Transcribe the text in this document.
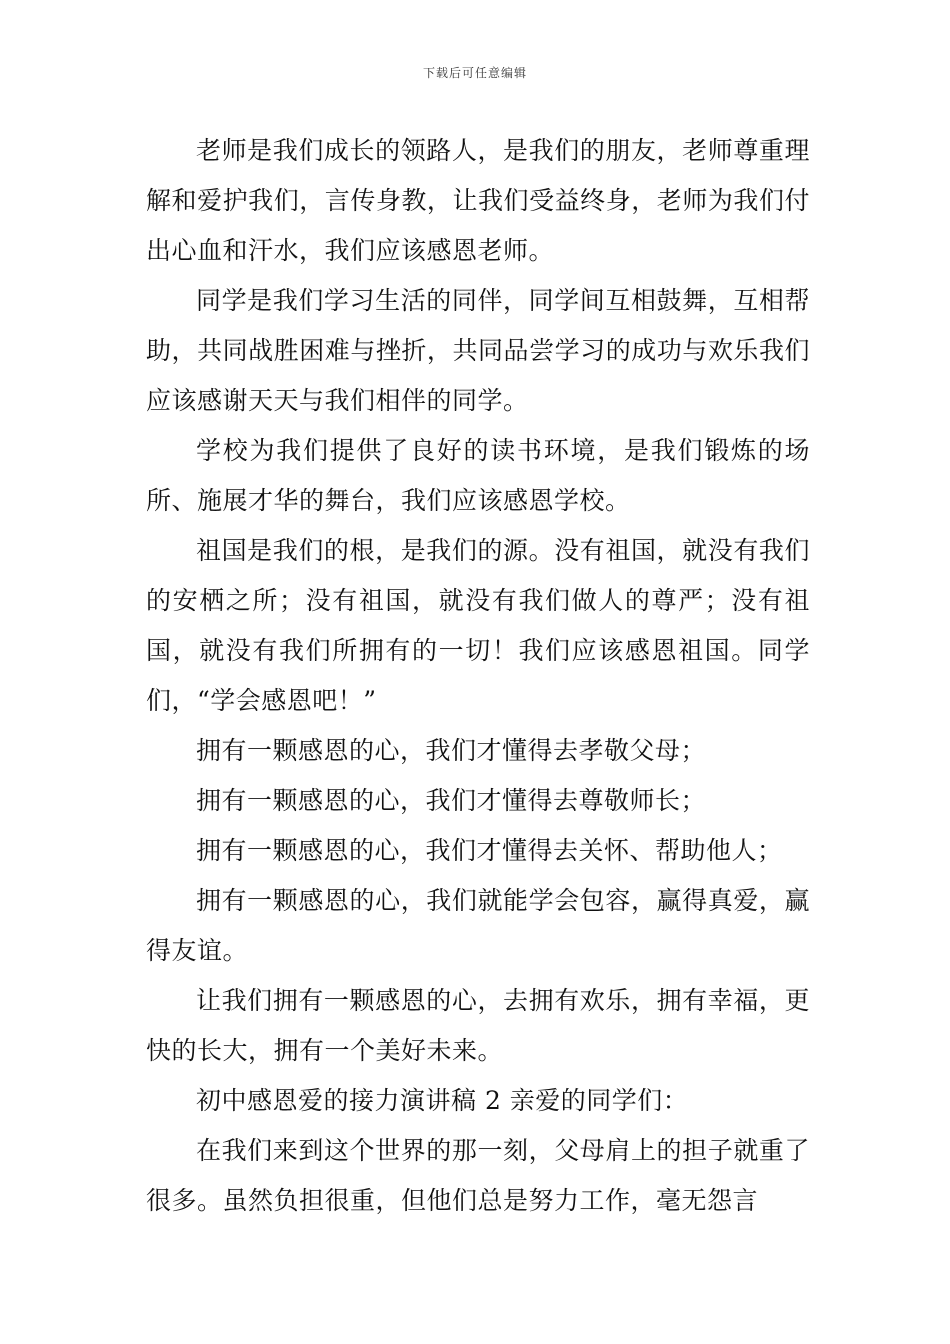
下载后可任意编辑

老师是我们成长的领路人，是我们的朋友，老师尊重理解和爱护我们，言传身教，让我们受益终身，老师为我们付出心血和汗水，我们应该感恩老师。

同学是我们学习生活的同伴，同学间互相鼓舞，互相帮助，共同战胜困难与挫折，共同品尝学习的成功与欢乐我们应该感谢天天与我们相伴的同学。

学校为我们提供了良好的读书环境，是我们锻炼的场所、施展才华的舞台，我们应该感恩学校。

祖国是我们的根，是我们的源。没有祖国，就没有我们的安栖之所；没有祖国，就没有我们做人的尊严；没有祖国，就没有我们所拥有的一切！我们应该感恩祖国。同学们，“学会感恩吧！”

拥有一颗感恩的心，我们才懂得去孝敬父母；

拥有一颗感恩的心，我们才懂得去尊敬师长；

拥有一颗感恩的心，我们才懂得去关怀、帮助他人；

拥有一颗感恩的心，我们就能学会包容，赢得真爱，赢得友谊。

让我们拥有一颗感恩的心，去拥有欢乐，拥有幸福，更快的长大，拥有一个美好未来。

初中感恩爱的接力演讲稿 2 亲爱的同学们：

在我们来到这个世界的那一刻，父母肩上的担子就重了很多。虽然负担很重，但他们总是努力工作，毫无怨言
